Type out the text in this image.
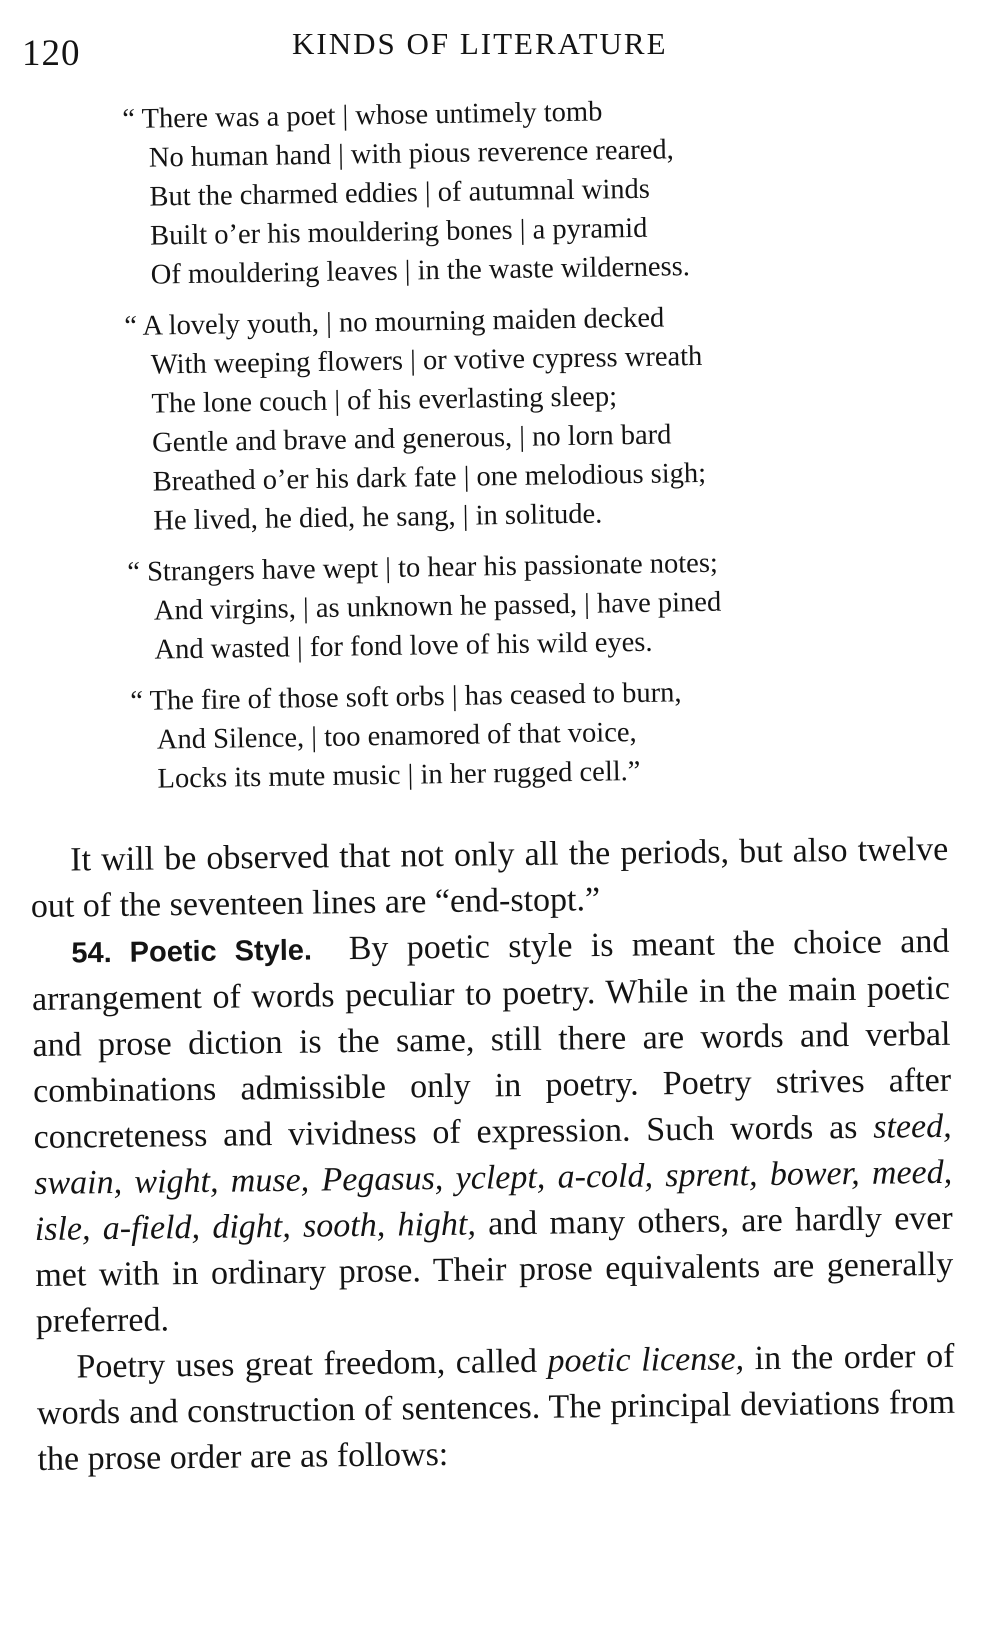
120	KINDS OF LITERATURE
“ There was a poet | whose untimely tomb
No human hand | with pious reverence reared,
But the charmed eddies | of autumnal winds
Built o’er his mouldering bones | a pyramid
Of mouldering leaves | in the waste wilderness.
“ A lovely youth, | no mourning maiden decked
With weeping flowers | or votive cypress wreath
The lone couch | of his everlasting sleep;
Gentle and brave and generous, | no lorn bard
Breathed o’er his dark fate | one melodious sigh;
He lived, he died, he sang, | in solitude.
“ Strangers have wept | to hear his passionate notes;
And virgins, | as unknown he passed, | have pined
And wasted | for fond love of his wild eyes.
“ The fire of those soft orbs | has ceased to burn,
And Silence, | too enamored of that voice,
Locks its mute music | in her rugged cell.”

It will be observed that not only all the periods, but also twelve out of the seventeen lines are “end-stopt.”

54. Poetic Style. By poetic style is meant the choice and arrangement of words peculiar to poetry. While in the main poetic and prose diction is the same, still there are words and verbal combinations admissible only in poetry. Poetry strives after concreteness and vividness of expression. Such words as steed, swain, wight, muse, Pegasus, yclept, a-cold, sprent, bower, meed, isle, a-field, dight, sooth, hight, and many others, are hardly ever met with in ordinary prose. Their prose equivalents are generally preferred.

Poetry uses great freedom, called poetic license, in the order of words and construction of sentences. The principal deviations from the prose order are as follows:
